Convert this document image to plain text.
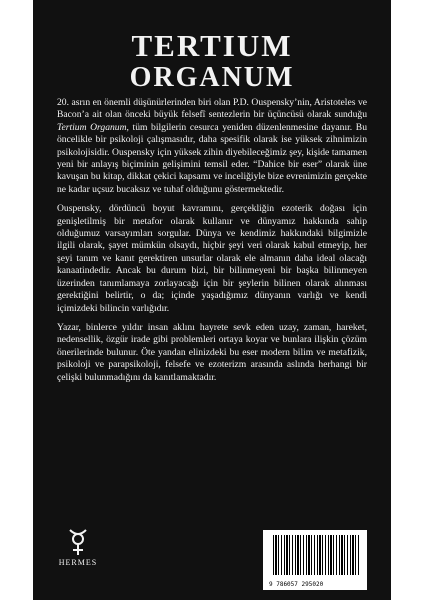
TERTIUM
ORGANUM

20. asrın en önemli düşünürlerinden biri olan P.D. Ouspensky’nin, Aristoteles ve Bacon’a ait olan önceki büyük felsefî sentezlerin bir üçüncüsü olarak sunduğu Tertium Organum, tüm bilgilerin cesurca yeniden düzenlenmesine dayanır. Bu öncelikle bir psikoloji çalışmasıdır, daha spesifik olarak ise yüksek zihnimizin psikolojisidir. Ouspensky için yüksek zihin diyebileceğimiz şey, kişide tamamen yeni bir anlayış biçiminin gelişimini temsil eder. “Dahice bir eser” olarak üne kavuşan bu kitap, dikkat çekici kapsamı ve inceliğiyle bize evrenimizin gerçekte ne kadar uçsuz bucaksız ve tuhaf olduğunu göstermektedir.

Ouspensky, dördüncü boyut kavramını, gerçekliğin ezoterik doğası için genişletilmiş bir metafor olarak kullanır ve dünyamız hakkında sahip olduğumuz varsayımları sorgular. Dünya ve kendimiz hakkındaki bilgimizle ilgili olarak, şayet mümkün olsaydı, hiçbir şeyi veri olarak kabul etmeyip, her şeyi tanım ve kanıt gerektiren unsurlar olarak ele almanın daha ideal olacağı kanaatindedir. Ancak bu durum bizi, bir bilinmeyeni bir başka bilinmeyen üzerinden tanımlamaya zorlayacağı için bir şeylerin bilinen olarak alınması gerektiğini belirtir, o da; içinde yaşadığımız dünyanın varlığı ve kendi içimizdeki bilincin varlığıdır.

Yazar, binlerce yıldır insan aklını hayrete sevk eden uzay, zaman, hareket, nedensellik, özgür irade gibi problemleri ortaya koyar ve bunlara ilişkin çözüm önerilerinde bulunur. Öte yandan elinizdeki bu eser modern bilim ve metafizik, psikoloji ve parapsikoloji, felsefe ve ezoterizm arasında aslında herhangi bir çelişki bulunmadığını da kanıtlamaktadır.

HERMES
9 786057 295020
